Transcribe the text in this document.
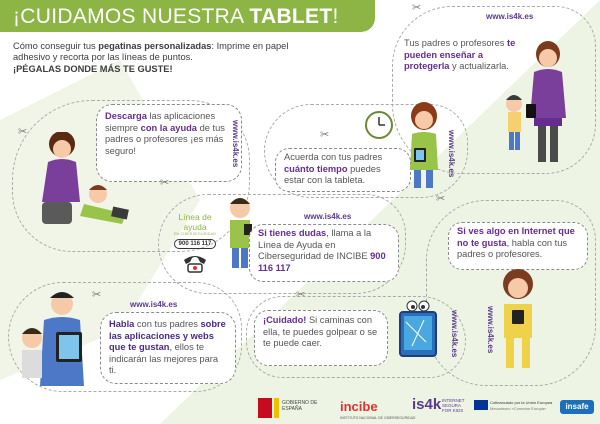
¡CUIDAMOS NUESTRA TABLET!
Cómo conseguir tus pegatinas personalizadas: Imprime en papel adhesivo y recorta por las líneas de puntos.
¡PÉGALAS DONDE MÁS TE GUSTE!
✂
www.is4k.es
Tus padres o profesores te pueden enseñar a protegerla y actualizarla.
✂
Descarga las aplicaciones siempre con la ayuda de tus padres o profesores ¡es más seguro!	www.is4k.es	✂
Acuerda con tus padres cuánto tiempo puedes estar con la tableta.
www.is4k.es
✂
Línea de ayuda
EN CIBERSEGURIDAD
900 116 117
www.is4k.es
Si tienes dudas, llama a la Línea de Ayuda en Ciberseguridad de INCIBE 900 116 117
✂
Si ves algo en Internet que no te gusta, habla con tus padres o profesores.
www.is4k.es
✂
www.is4k.es
Habla con tus padres sobre las aplicaciones y webs que te gustan, ellos te indicarán las mejores para ti.
✂
¡Cuidado! Si caminas con ella, te puedes golpear o se te puede caer.	www.is4k.es
GOBIERNO DE ESPAÑA	incibe
INSTITUTO NACIONAL DE CIBERSEGURIDAD
is4k INTERNET
SEGURA
FOR KIDS
Cofinanciado por la Unión Europea
Mecanismo «Conectar Europa»	insafe
